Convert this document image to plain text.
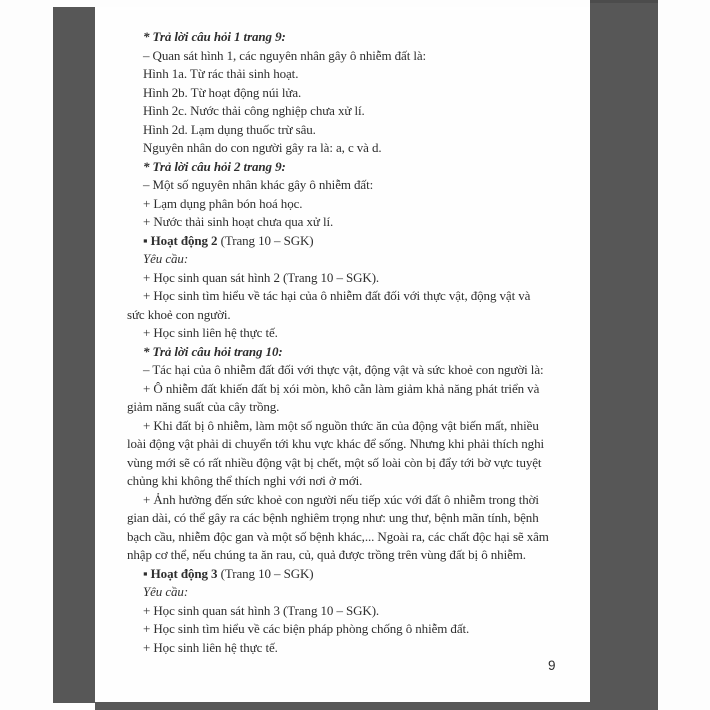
* Trả lời câu hỏi 1 trang 9:
– Quan sát hình 1, các nguyên nhân gây ô nhiễm đất là:
Hình 1a. Từ rác thải sinh hoạt.
Hình 2b. Từ hoạt động núi lửa.
Hình 2c. Nước thải công nghiệp chưa xử lí.
Hình 2d. Lạm dụng thuốc trừ sâu.
Nguyên nhân do con người gây ra là: a, c và d.
* Trả lời câu hỏi 2 trang 9:
– Một số nguyên nhân khác gây ô nhiễm đất:
+ Lạm dụng phân bón hoá học.
+ Nước thải sinh hoạt chưa qua xử lí.
▪ Hoạt động 2 (Trang 10 – SGK)
Yêu cầu:
+ Học sinh quan sát hình 2 (Trang 10 – SGK).
+ Học sinh tìm hiểu về tác hại của ô nhiễm đất đối với thực vật, động vật và
sức khoẻ con người.
+ Học sinh liên hệ thực tế.
* Trả lời câu hỏi trang 10:
– Tác hại của ô nhiễm đất đối với thực vật, động vật và sức khoẻ con người là:
+ Ô nhiễm đất khiến đất bị xói mòn, khô cằn làm giảm khả năng phát triển và
giảm năng suất của cây trồng.
+ Khi đất bị ô nhiễm, làm một số nguồn thức ăn của động vật biến mất, nhiều
loài động vật phải di chuyển tới khu vực khác để sống. Nhưng khi phải thích nghi
vùng mới sẽ có rất nhiều động vật bị chết, một số loài còn bị đẩy tới bờ vực tuyệt
chủng khi không thể thích nghi với nơi ở mới.
+ Ảnh hưởng đến sức khoẻ con người nếu tiếp xúc với đất ô nhiễm trong thời
gian dài, có thể gây ra các bệnh nghiêm trọng như: ung thư, bệnh mãn tính, bệnh
bạch cầu, nhiễm độc gan và một số bệnh khác,... Ngoài ra, các chất độc hại sẽ xâm
nhập cơ thể, nếu chúng ta ăn rau, củ, quả được trồng trên vùng đất bị ô nhiễm.
▪ Hoạt động 3 (Trang 10 – SGK)
Yêu cầu:
+ Học sinh quan sát hình 3 (Trang 10 – SGK).
+ Học sinh tìm hiểu về các biện pháp phòng chống ô nhiễm đất.
+ Học sinh liên hệ thực tế.
9
